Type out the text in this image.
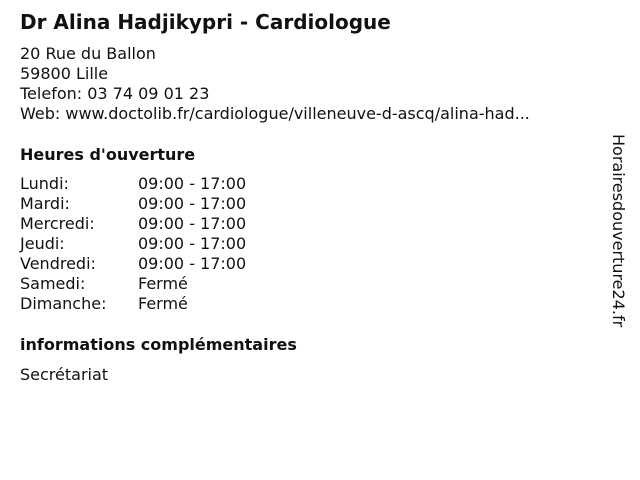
Dr Alina Hadjikypri - Cardiologue
20 Rue du Ballon
59800 Lille
Telefon: 03 74 09 01 23
Web: www.doctolib.fr/cardiologue/villeneuve-d-ascq/alina-had...
Heures d'ouverture
Lundi:	09:00 - 17:00
Mardi:	09:00 - 17:00
Mercredi:	09:00 - 17:00
Jeudi:	09:00 - 17:00
Vendredi:	09:00 - 17:00
Samedi:	Fermé
Dimanche: Fermé
informations complémentaires
Secrétariat
Horairesdouverture24.fr
